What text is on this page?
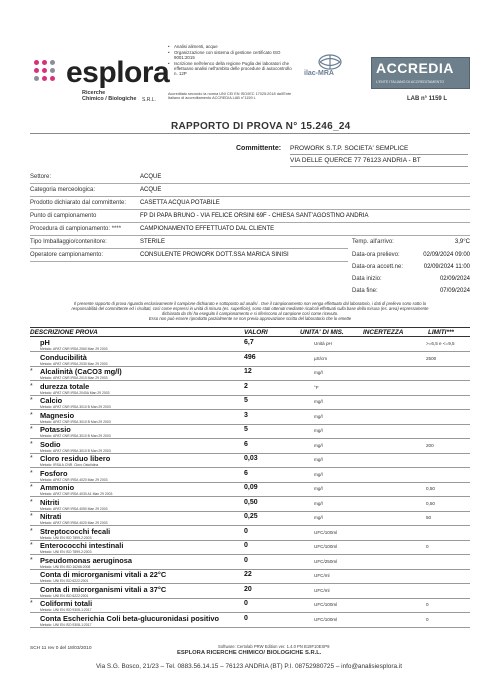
esplora
Ricerche
Chimico / Biologiche S.R.L.
• Analisi alimenti, acque
• Organizzazione con sistema di gestione certificato ISO 9001:2015
• Iscrizione nell'elenco della regione Puglia dei laboratori che effettuano analisi nell'ambito delle procedure di autocontrollo n. 12P
Accreditato secondo la norma UNI CEI EN ISO/IEC 17025:2018 dall'Ente Italiano di accreditamento ACCREDIA LAB n°1159 L
ilac-MRA	ACCREDIA
L'ENTE ITALIANO DI ACCREDITAMENTO
LAB n° 1159 L
RAPPORTO DI PROVA N° 15.246_24
Committente: PROWORK S.T.P. SOCIETA' SEMPLICE
VIA DELLE QUERCE 77 76123 ANDRIA - BT
Settore:	ACQUE
Categoria merceologica:	ACQUE
Prodotto dichiarato dal committente: CASETTA ACQUA POTABILE
Punto di campionamento	FP DI PAPA BRUNO - VIA FELICE ORSINI 69F - CHIESA SANT'AGOSTINO ANDRIA
Procedura di campionamento: ****	CAMPIONAMENTO EFFETTUATO DAL CLIENTE
Tipo Imballaggio/contenitore:	STERILE
Operatore campionamento:	CONSULENTE PROWORK DOTT.SSA MARICA SINISI
Temp. all'arrivo:	3,9°C
Data-ora prelievo:	02/09/2024 09:00
Data-ora accett.ne:	02/09/2024 11:00
Data inizio:	02/09/2024
Data fine:	07/09/2024
Il presente rapporto di prova riguarda esclusivamente il campione dichiarato e sottoposto ad analisi . Ove il campionamento non venga effettuato dal laboratorio, i dati di prelievo sono sotto la
responsabilità del committente ed i risultati, così come espressi in unità di misura (es. superficie), sono stati ottenuti mediante ricalcoli effettuati sulla base della misura (es. area) espressamente
dichiarata da chi ha eseguito il campionamento e si riferiscono al campione così come ricevuto.
Esso non può essere riprodotto parzialmente se non previa approvazione scritta del laboratorio che lo emette
DESCRIZIONE PROVA	VALORI	UNITA' DI MIS.	INCERTEZZA	LIMITI***
pH
Metodo: APAT CNR IRSA 2060 Man 29 2003
6,7	Unità pH	>=6,5 e <=9,5
Conducibilità
Metodo: APAT CNR IRSA 2030 Man 29 2003
496	µS/cm	2500
* Alcalinità (CaCO3 mg/l)
Metodo: APAT CNR IRSA 2010 Man 29 2003
12	mg/l
* durezza totale
Metodo: APAT CNR IRSA 2040A Man 29 2003
2	°F
* Calcio
Metodo: APAT CNR IRSA 3010 B Man 29 2003
5	mg/l
* Magnesio
Metodo: APAT CNR IRSA 3010 B Man 29 2003
3	mg/l
* Potassio
Metodo: APAT CNR IRSA 3010 B Man 29 2003
5	mg/l
* Sodio
Metodo: APAT CNR IRSA 3010 B Man 29 2003
6	mg/l	200
* Cloro residuo libero
Metodo: IRSA A.CNR. Cloro Ostolidina
0,03	mg/l
* Fosforo
Metodo: APAT CNR IRSA 4020 Man 29 2003
6	mg/l
* Ammonio
Metodo: APAT CNR IRSA 4030 A1 Man 29 2003
0,09	mg/l	0,50
* Nitriti
Metodo: APAT CNR IRSA 4050 Man 29 2003
0,50	mg/l	0,50
* Nitrati
Metodo: APAT CNR IRSA 4020 Man 29 2003
0,25	mg/l	50
* Streptococchi fecali
Metodo: UNI EN ISO 7899-2:2003
0	UFC/100ml
* Enterococchi intestinali
Metodo: UNI EN ISO 7899-2:2003
0	UFC/100ml	0
* Pseudomonas aeruginosa
Metodo: UNI EN ISO 16266:2008
0	UFC/250ml
Conta di microrganismi vitali a 22°C
Metodo: UNI EN ISO 6222:2001
22	UFC/ml
Conta di microrganismi vitali a 37°C
Metodo: UNI EN ISO 6222:2001
20	UFC/ml
* Coliformi totali
Metodo: UNI EN ISO 9308-1:2017
0	UFC/100ml	0
Conta Escherichia Coli beta-glucuronidasi positivo
Metodo: UNI EN ISO 9308-1:2017
0	UFC/100ml	0
SCH 11 rev 0 del 18/03/2010	Software: Certolab PRW Edition ver. 1.4.0 PN B19F10EXP9
ESPLORA RICERCHE CHIMICO/ BIOLOGICHE S.R.L.
Via S.G. Bosco, 21/23 – Tel. 0883.56.14.15 – 76123 ANDRIA (BT) P.I. 08752980725 – info@analisiesplora.it
